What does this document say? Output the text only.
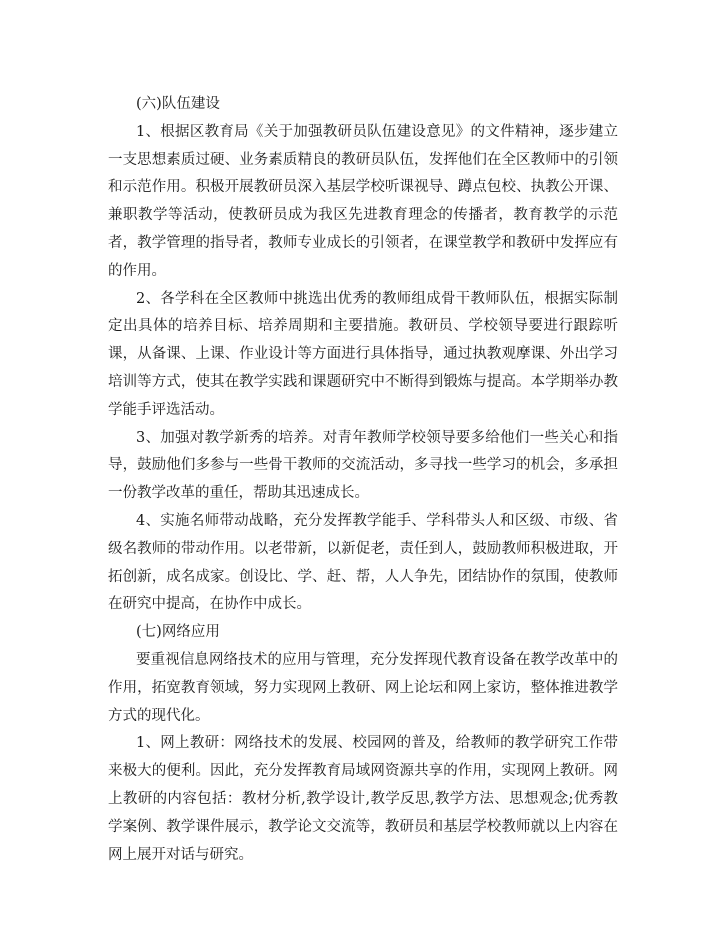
(六)队伍建设

1、根据区教育局《关于加强教研员队伍建设意见》的文件精神，逐步建立一支思想素质过硬、业务素质精良的教研员队伍，发挥他们在全区教师中的引领和示范作用。积极开展教研员深入基层学校听课视导、蹲点包校、执教公开课、兼职教学等活动，使教研员成为我区先进教育理念的传播者，教育教学的示范者，教学管理的指导者，教师专业成长的引领者，在课堂教学和教研中发挥应有的作用。

2、各学科在全区教师中挑选出优秀的教师组成骨干教师队伍，根据实际制定出具体的培养目标、培养周期和主要措施。教研员、学校领导要进行跟踪听课，从备课、上课、作业设计等方面进行具体指导，通过执教观摩课、外出学习培训等方式，使其在教学实践和课题研究中不断得到锻炼与提高。本学期举办教学能手评选活动。

3、加强对教学新秀的培养。对青年教师学校领导要多给他们一些关心和指导，鼓励他们多参与一些骨干教师的交流活动，多寻找一些学习的机会，多承担一份教学改革的重任，帮助其迅速成长。

4、实施名师带动战略，充分发挥教学能手、学科带头人和区级、市级、省级名教师的带动作用。以老带新，以新促老，责任到人，鼓励教师积极进取，开拓创新，成名成家。创设比、学、赶、帮，人人争先，团结协作的氛围，使教师在研究中提高，在协作中成长。

(七)网络应用

要重视信息网络技术的应用与管理，充分发挥现代教育设备在教学改革中的作用，拓宽教育领域，努力实现网上教研、网上论坛和网上家访，整体推进教学方式的现代化。

1、网上教研：网络技术的发展、校园网的普及，给教师的教学研究工作带来极大的便利。因此，充分发挥教育局域网资源共享的作用，实现网上教研。网上教研的内容包括：教材分析,教学设计,教学反思,教学方法、思想观念;优秀教学案例、教学课件展示，教学论文交流等，教研员和基层学校教师就以上内容在网上展开对话与研究。
